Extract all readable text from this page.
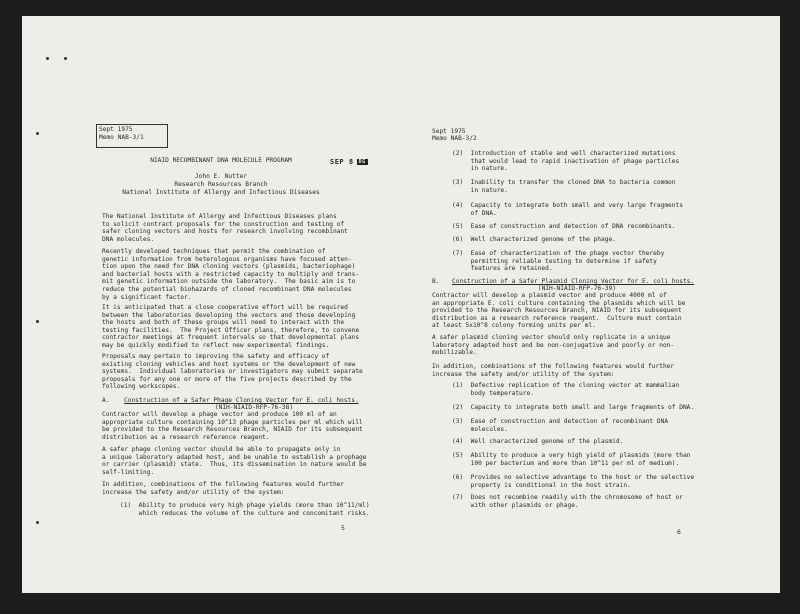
Sept 1975
Memo NAB-3/1
NIAID RECOMBINANT DNA MOLECULE PROGRAM	SEP 8 RG
John E. Nutter
Research Resources Branch
National Institute of Allergy and Infectious Diseases
The National Institute of Allergy and Infectious Diseases plans
to solicit contract proposals for the construction and testing of
safer cloning vectors and hosts for research involving recombinant
DNA molecules.
Recently developed techniques that permit the combination of
genetic information from heterologous organisms have focused atten-
tion upon the need for DNA cloning vectors (plasmids, bacteriophage)
and bacterial hosts with a restricted capacity to multiply and trans-
mit genetic information outside the laboratory.  The basic aim is to
reduce the potential biohazards of cloned recombinant DNA molecules
by a significant factor.
It is anticipated that a close cooperative effort will be required
between the laboratories developing the vectors and those developing
the hosts and both of these groups will need to interact with the
testing facilities.  The Project Officer plans, therefore, to convene
contractor meetings at frequent intervals so that developmental plans
may be quickly modified to reflect new experimental findings.
Proposals may pertain to improving the safety and efficacy of
existing cloning vehicles and host systems or the development of new
systems.  Individual laboratories or investigators may submit separate
proposals for any one or more of the five projects described by the
following workscopes.
A. Construction of a Safer Phage Cloning Vector for E. coli hosts.
(NIH-NIAID-RFP-76-38)
Contractor will develop a phage vector and produce 100 ml of an
appropriate culture containing 10^13 phage particles per ml which will
be provided to the Research Resources Branch, NIAID for its subsequent
distribution as a research reference reagent.
A safer phage cloning vector should be able to propagate only in
a unique laboratory adapted host, and be unable to establish a prophage
or carrier (plasmid) state.  Thus, its dissemination in nature would be
self-limiting.
In addition, combinations of the following features would further
increase the safety and/or utility of the system:
(1)  Ability to produce very high phage yields (more than 10^11/ml)
which reduces the volume of the culture and concomitant risks.
5
Sept 1975
Memo NAB-3/2
(2)  Introduction of stable and well characterized mutations
that would lead to rapid inactivation of phage particles
in nature.
(3)  Inability to transfer the cloned DNA to bacteria common
in nature.
(4)  Capacity to integrate both small and very large fragments
of DNA.
(5)  Ease of construction and detection of DNA recombinants.
(6)  Well characterized genome of the phage.
(7)  Ease of characterization of the phage vector thereby
permitting reliable testing to determine if safety
features are retained.
B. Construction of a Safer Plasmid Cloning Vector for E. coli hosts.
(NIH-NIAID-RFP-76-39)
Contractor will develop a plasmid vector and produce 4000 ml of
an appropriate E. coli culture containing the plasmids which will be
provided to the Research Resources Branch, NIAID for its subsequent
distribution as a research reference reagent.  Culture must contain
at least 5x10^8 colony forming units per ml.
A safer plasmid cloning vector should only replicate in a unique
laboratory adapted host and be non-conjugative and poorly or non-
mobilizable.
In addition, combinations of the following features would further
increase the safety and/or utility of the system:
(1)  Defective replication of the cloning vector at mammalian
body temperature.
(2)  Capacity to integrate both small and large fragments of DNA.
(3)  Ease of construction and detection of recombinant DNA
molecules.
(4)  Well characterized genome of the plasmid.
(5)  Ability to produce a very high yield of plasmids (more than
100 per bacterium and more than 10^11 per ml of medium).
(6)  Provides no selective advantage to the host or the selective
property is conditional in the host strain.
(7)  Does not recombine readily with the chromosome of host or
with other plasmids or phage.
6
